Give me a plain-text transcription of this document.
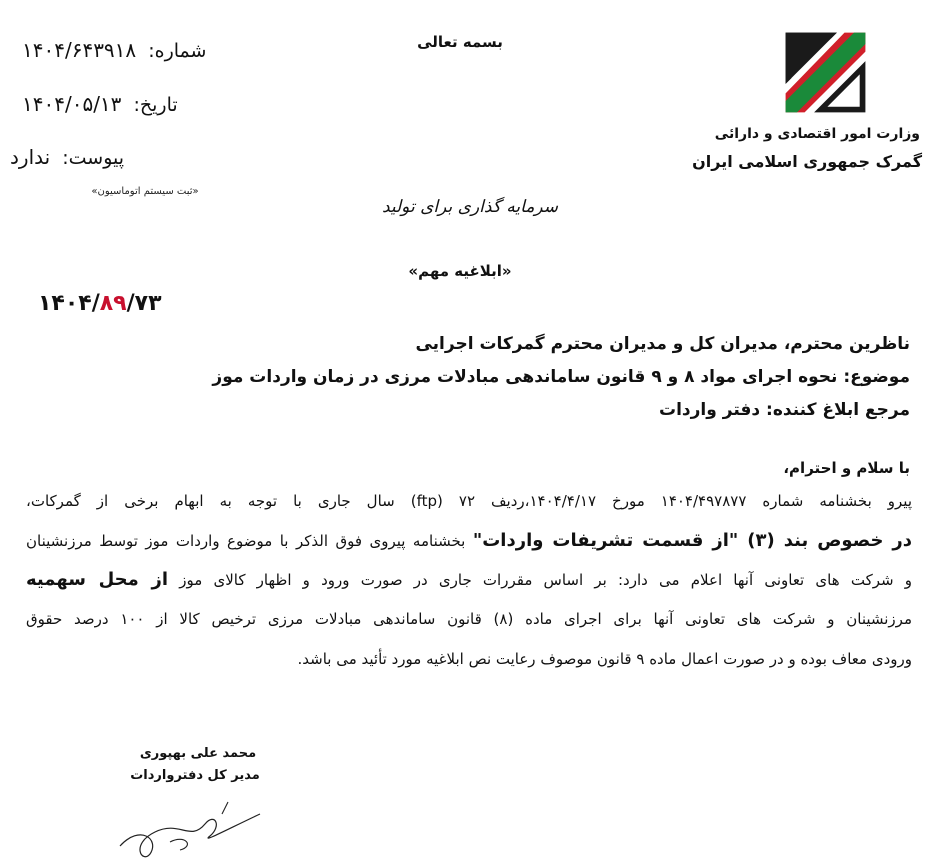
شماره: ۱۴۰۴/۶۴۳۹۱۸
تاریخ: ۱۴۰۴/۰۵/۱۳
پیوست: ندارد
«ثبت سیستم اتوماسیون»
بسمه تعالی
سرمایه گذاری برای تولید
«ابلاغیه مهم»
وزارت امور اقتصادی و دارائی
گمرک جمهوری اسلامی ایران
۱۴۰۴/۸۹/۷۳
ناظرین محترم، مدیران کل و مدیران محترم گمرکات اجرایی
موضوع: نحوه اجرای مواد ۸ و ۹ قانون ساماندهی مبادلات مرزی در زمان واردات موز
مرجع ابلاغ کننده: دفتر واردات
با سلام و احترام،
پیرو بخشنامه شماره ۱۴۰۴/۴۹۷۸۷۷ مورخ ۱۴۰۴/۴/۱۷،ردیف ۷۲ (ftp) سال جاری با توجه به ابهام برخی از گمرکات،
در خصوص بند (۳) "از قسمت تشریفات واردات" بخشنامه پیروی فوق الذکر با موضوع واردات موز توسط مرزنشینان
و شرکت های تعاونی آنها اعلام می دارد: بر اساس مقررات جاری در صورت ورود و اظهار کالای موز از محل سهمیه
مرزنشینان و شرکت های تعاونی آنها برای اجرای ماده (۸) قانون ساماندهی مبادلات مرزی ترخیص کالا از ۱۰۰ درصد حقوق
ورودی معاف بوده و در صورت اعمال ماده ۹ قانون موصوف رعایت نص ابلاغیه مورد تأئید می باشد.
محمد علی بهپوری
مدیر کل دفترواردات
